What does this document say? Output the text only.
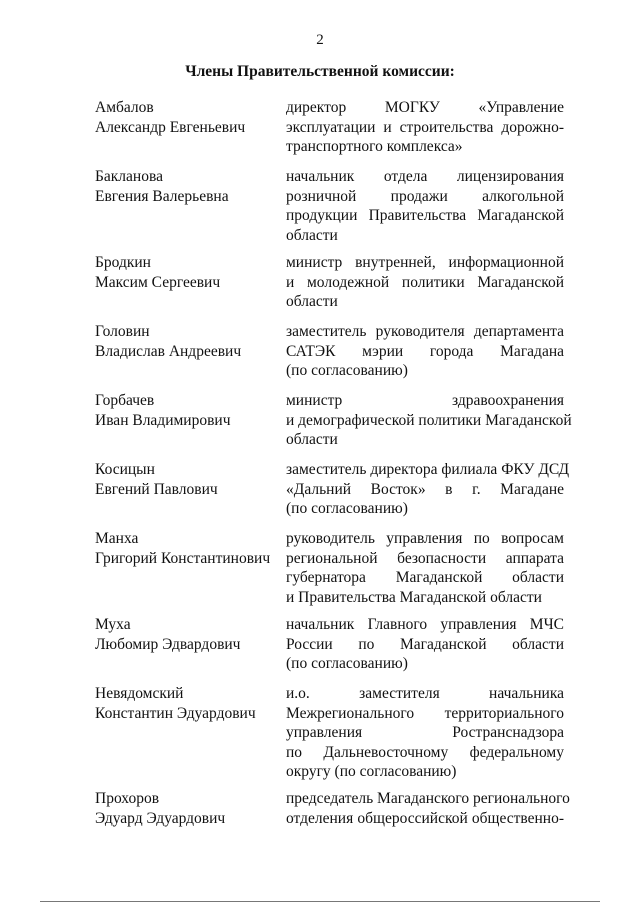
2
Члены Правительственной комиссии:
Амбалов
Александр Евгеньевич
директор МОГКУ «Управление
эксплуатации и строительства дорожно-
транспортного комплекса»
Бакланова
Евгения Валерьевна
начальник отдела лицензирования
розничной продажи алкогольной
продукции Правительства Магаданской
области
Бродкин
Максим Сергеевич
министр внутренней, информационной
и молодежной политики Магаданской
области
Головин
Владислав Андреевич
заместитель руководителя департамента
САТЭК мэрии города Магадана
(по согласованию)
Горбачев
Иван Владимирович
министр здравоохранения
и демографической политики Магаданской
области
Косицын
Евгений Павлович
заместитель директора филиала ФКУ ДСД
«Дальний Восток» в г. Магадане
(по согласованию)
Манха
Григорий Константинович
руководитель управления по вопросам
региональной безопасности аппарата
губернатора Магаданской области
и Правительства Магаданской области
Муха
Любомир Эдвардович
начальник Главного управления МЧС
России по Магаданской области
(по согласованию)
Невядомский
Константин Эдуардович
и.о. заместителя начальника
Межрегионального территориального
управления Ространснадзора
по Дальневосточному федеральному
округу (по согласованию)
Прохоров
Эдуард Эдуардович
председатель Магаданского регионального
отделения общероссийской общественно-
